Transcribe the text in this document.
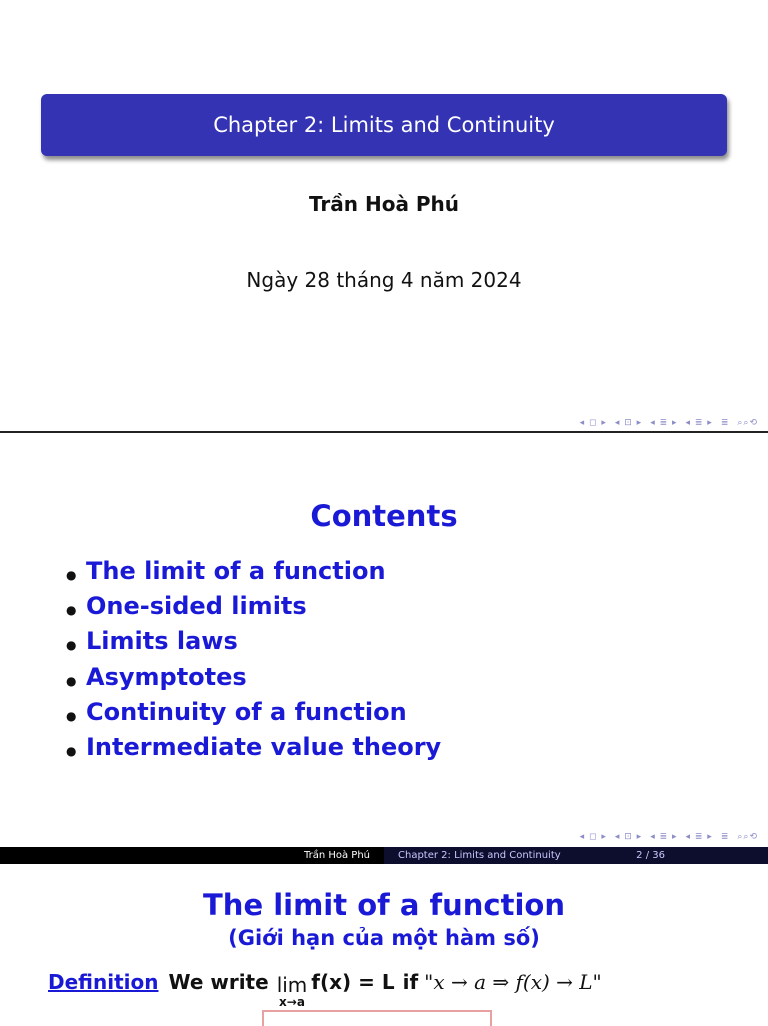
Chapter 2: Limits and Continuity
Trần Hoà Phú
Ngày 28 tháng 4 năm 2024
◂ ◻ ▸ ◂ ⊡ ▸ ◂ ≣ ▸ ◂ ≣ ▸ ≣ ⌕⌕⟲
Contents
● The limit of a function
● One-sided limits
● Limits laws
● Asymptotes
● Continuity of a function
● Intermediate value theory
◂ ◻ ▸ ◂ ⊡ ▸ ◂ ≣ ▸ ◂ ≣ ▸ ≣ ⌕⌕⟲
Trần Hoà Phú	Chapter 2: Limits and Continuity	2 / 36
The limit of a function
(Giới hạn của một hàm số)
Definition We write lim
x→a
f(x) = L if "x → a ⇒ f(x) → L"
